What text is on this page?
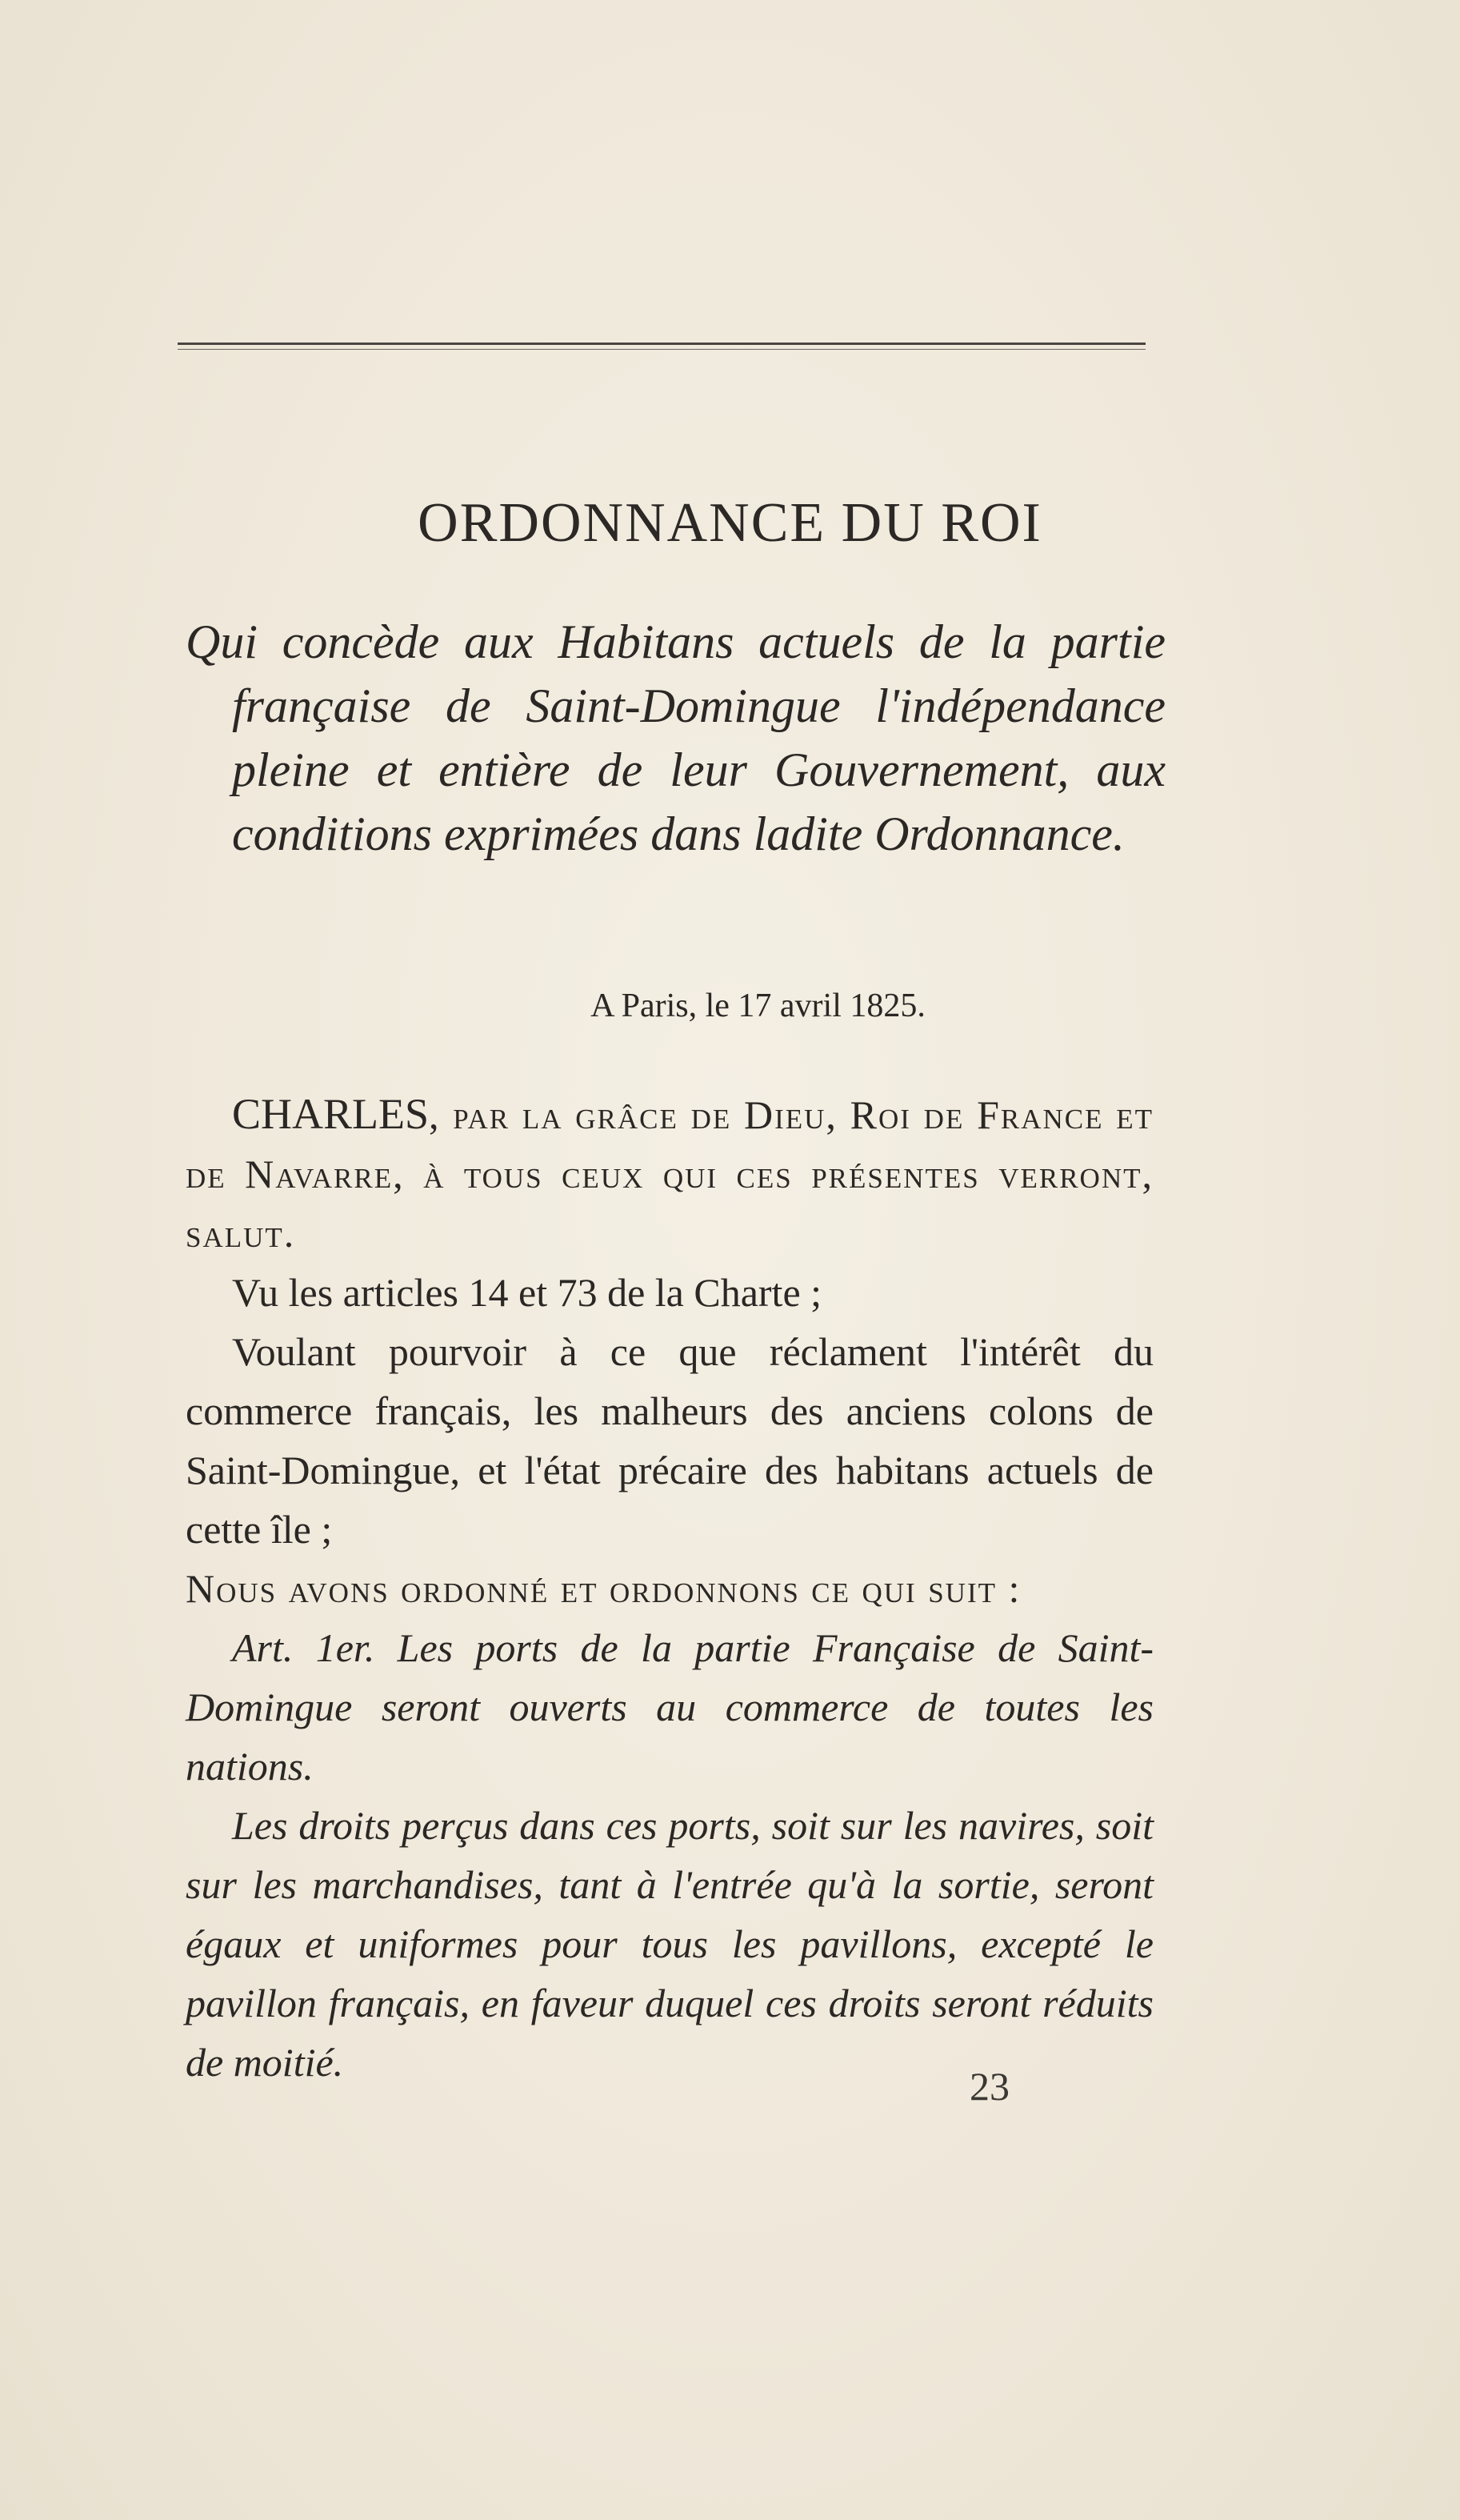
ORDONNANCE DU ROI
Qui concède aux Habitans actuels de la partie française de Saint-Domingue l'indépendance pleine et entière de leur Gouvernement, aux conditions exprimées dans ladite Ordonnance.
A Paris, le 17 avril 1825.

CHARLES, par la grâce de Dieu, Roi de France et de Navarre, à tous ceux qui ces présentes verront, salut.

Vu les articles 14 et 73 de la Charte ;

Voulant pourvoir à ce que réclament l'intérêt du commerce français, les malheurs des anciens colons de Saint-Domingue, et l'état précaire des habitans actuels de cette île ;

Nous avons ordonné et ordonnons ce qui suit :

Art. 1er. Les ports de la partie Française de Saint-Domingue seront ouverts au commerce de toutes les nations.

Les droits perçus dans ces ports, soit sur les navires, soit sur les marchandises, tant à l'entrée qu'à la sortie, seront égaux et uniformes pour tous les pavillons, excepté le pavillon français, en faveur duquel ces droits seront réduits de moitié.

23
